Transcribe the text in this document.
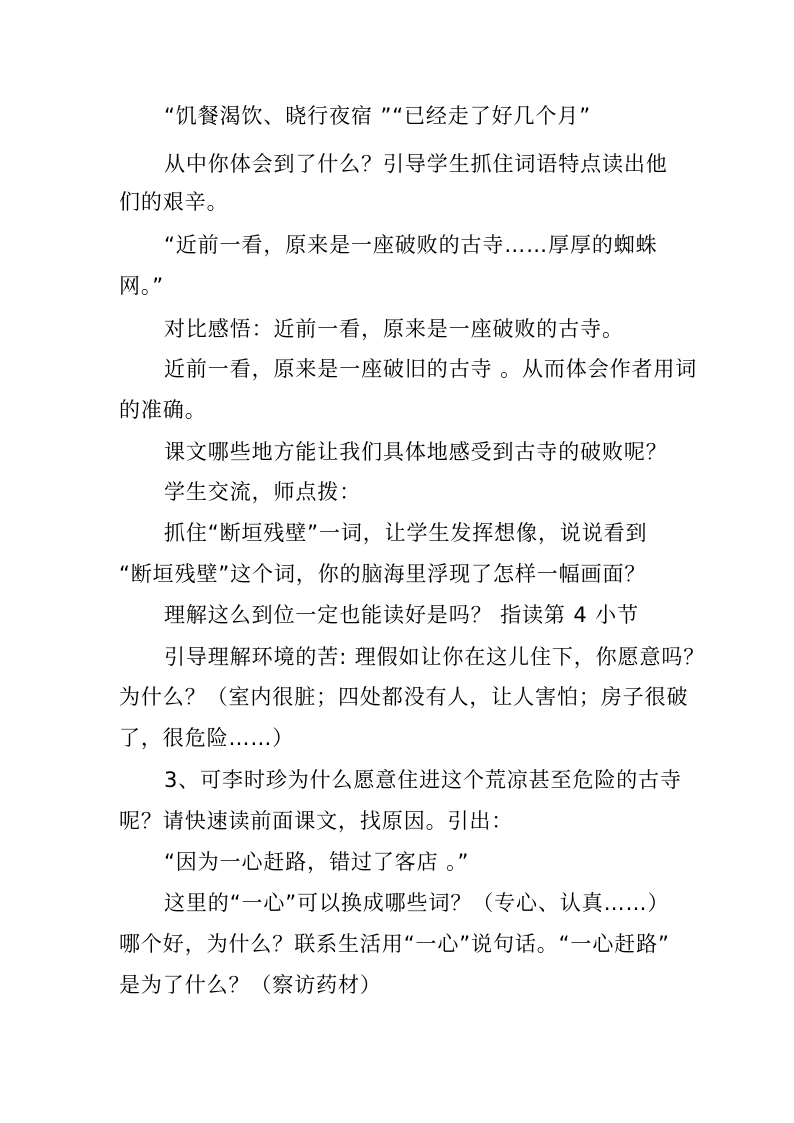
“饥餐渴饮、晓行夜宿 ”“已经走了好几个月”
从中你体会到了什么？引导学生抓住词语特点读出他
们的艰辛。
“近前一看，原来是一座破败的古寺……厚厚的蜘蛛
网。”
对比感悟：近前一看，原来是一座破败的古寺。
近前一看，原来是一座破旧的古寺 。从而体会作者用词
的准确。
课文哪些地方能让我们具体地感受到古寺的破败呢？
学生交流，师点拨：
抓住“断垣残壁”一词，让学生发挥想像，说说看到
“断垣残壁”这个词，你的脑海里浮现了怎样一幅画面？
理解这么到位一定也能读好是吗？ 指读第 4 小节
引导理解环境的苦: 理假如让你在这儿住下，你愿意吗？
为什么？（室内很脏；四处都没有人，让人害怕；房子很破
了，很危险……）
3、可李时珍为什么愿意住进这个荒凉甚至危险的古寺
呢？请快速读前面课文，找原因。引出：
“因为一心赶路，错过了客店 。”
这里的“一心”可以换成哪些词？（专心、认真……）
哪个好，为什么？联系生活用“一心”说句话。“一心赶路”
是为了什么？（察访药材）
